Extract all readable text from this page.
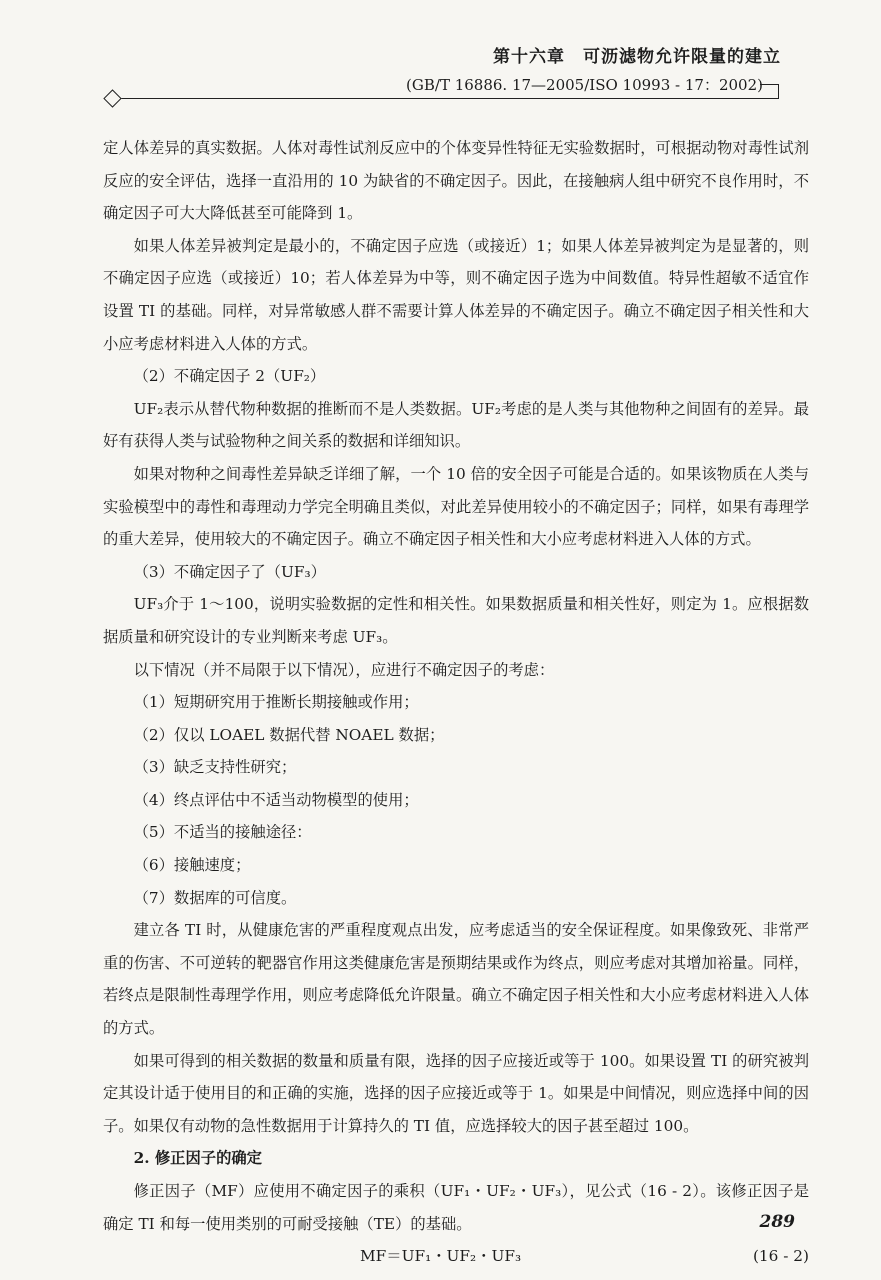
第十六章　可沥滤物允许限量的建立
(GB/T 16886. 17—2005/ISO 10993 - 17：2002)

定人体差异的真实数据。人体对毒性试剂反应中的个体变异性特征无实验数据时，可根据动物对毒性试剂反应的安全评估，选择一直沿用的 10 为缺省的不确定因子。因此，在接触病人组中研究不良作用时，不确定因子可大大降低甚至可能降到 1。

如果人体差异被判定是最小的，不确定因子应选（或接近）1；如果人体差异被判定为是显著的，则不确定因子应选（或接近）10；若人体差异为中等，则不确定因子选为中间数值。特异性超敏不适宜作设置 TI 的基础。同样，对异常敏感人群不需要计算人体差异的不确定因子。确立不确定因子相关性和大小应考虑材料进入人体的方式。

（2）不确定因子 2（UF₂）

UF₂表示从替代物种数据的推断而不是人类数据。UF₂考虑的是人类与其他物种之间固有的差异。最好有获得人类与试验物种之间关系的数据和详细知识。

如果对物种之间毒性差异缺乏详细了解，一个 10 倍的安全因子可能是合适的。如果该物质在人类与实验模型中的毒性和毒理动力学完全明确且类似，对此差异使用较小的不确定因子；同样，如果有毒理学的重大差异，使用较大的不确定因子。确立不确定因子相关性和大小应考虑材料进入人体的方式。

（3）不确定因子了（UF₃）

UF₃介于 1～100，说明实验数据的定性和相关性。如果数据质量和相关性好，则定为 1。应根据数据质量和研究设计的专业判断来考虑 UF₃。

以下情况（并不局限于以下情况），应进行不确定因子的考虑：

（1）短期研究用于推断长期接触或作用；

（2）仅以 LOAEL 数据代替 NOAEL 数据；

（3）缺乏支持性研究；

（4）终点评估中不适当动物模型的使用；

（5）不适当的接触途径：

（6）接触速度；

（7）数据库的可信度。

建立各 TI 时，从健康危害的严重程度观点出发，应考虑适当的安全保证程度。如果像致死、非常严重的伤害、不可逆转的靶器官作用这类健康危害是预期结果或作为终点，则应考虑对其增加裕量。同样，若终点是限制性毒理学作用，则应考虑降低允许限量。确立不确定因子相关性和大小应考虑材料进入人体的方式。

如果可得到的相关数据的数量和质量有限，选择的因子应接近或等于 100。如果设置 TI 的研究被判定其设计适于使用目的和正确的实施，选择的因子应接近或等于 1。如果是中间情况，则应选择中间的因子。如果仅有动物的急性数据用于计算持久的 TI 值，应选择较大的因子甚至超过 100。

2. 修正因子的确定

修正因子（MF）应使用不确定因子的乘积（UF₁・UF₂・UF₃），见公式（16 - 2）。该修正因子是确定 TI 和每一使用类别的可耐受接触（TE）的基础。

MF＝UF₁・UF₂・UF₃	(16 - 2)
289
